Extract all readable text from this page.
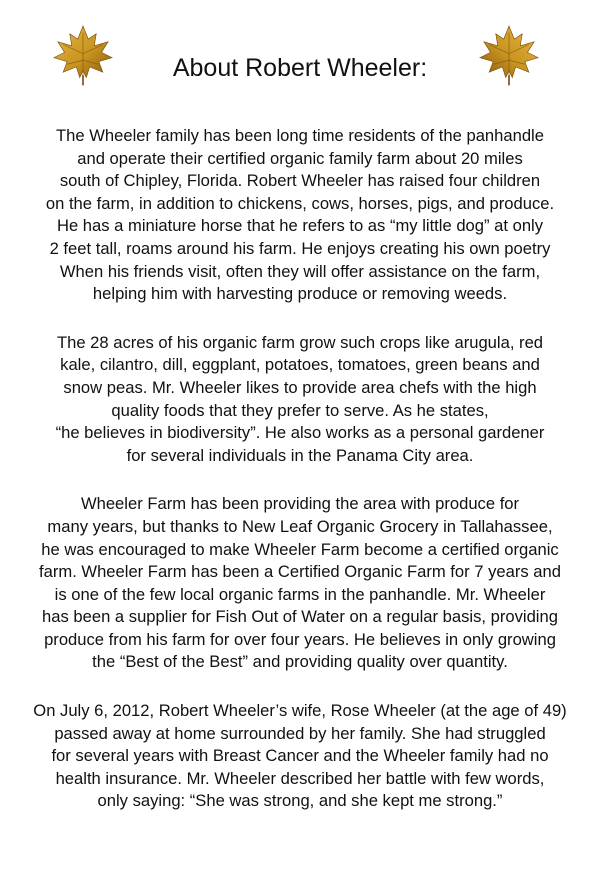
About Robert Wheeler:

The Wheeler family has been long time residents of the panhandle
and operate their certified organic family farm about 20 miles
south of Chipley, Florida. Robert Wheeler has raised four children
on the farm, in addition to chickens, cows, horses, pigs, and produce.
He has a miniature horse that he refers to as “my little dog” at only
2 feet tall, roams around his farm. He enjoys creating his own poetry
When his friends visit, often they will offer assistance on the farm,
helping him with harvesting produce or removing weeds.

The 28 acres of his organic farm grow such crops like arugula, red
kale, cilantro, dill, eggplant, potatoes, tomatoes, green beans and
snow peas. Mr. Wheeler likes to provide area chefs with the high
quality foods that they prefer to serve. As he states,
“he believes in biodiversity”. He also works as a personal gardener
for several individuals in the Panama City area.

Wheeler Farm has been providing the area with produce for
many years, but thanks to New Leaf Organic Grocery in Tallahassee,
he was encouraged to make Wheeler Farm become a certified organic
farm. Wheeler Farm has been a Certified Organic Farm for 7 years and
is one of the few local organic farms in the panhandle. Mr. Wheeler
has been a supplier for Fish Out of Water on a regular basis, providing
produce from his farm for over four years. He believes in only growing
the “Best of the Best” and providing quality over quantity.

On July 6, 2012, Robert Wheeler’s wife, Rose Wheeler (at the age of 49)
passed away at home surrounded by her family. She had struggled
for several years with Breast Cancer and the Wheeler family had no
health insurance. Mr. Wheeler described her battle with few words,
only saying: “She was strong, and she kept me strong.”
